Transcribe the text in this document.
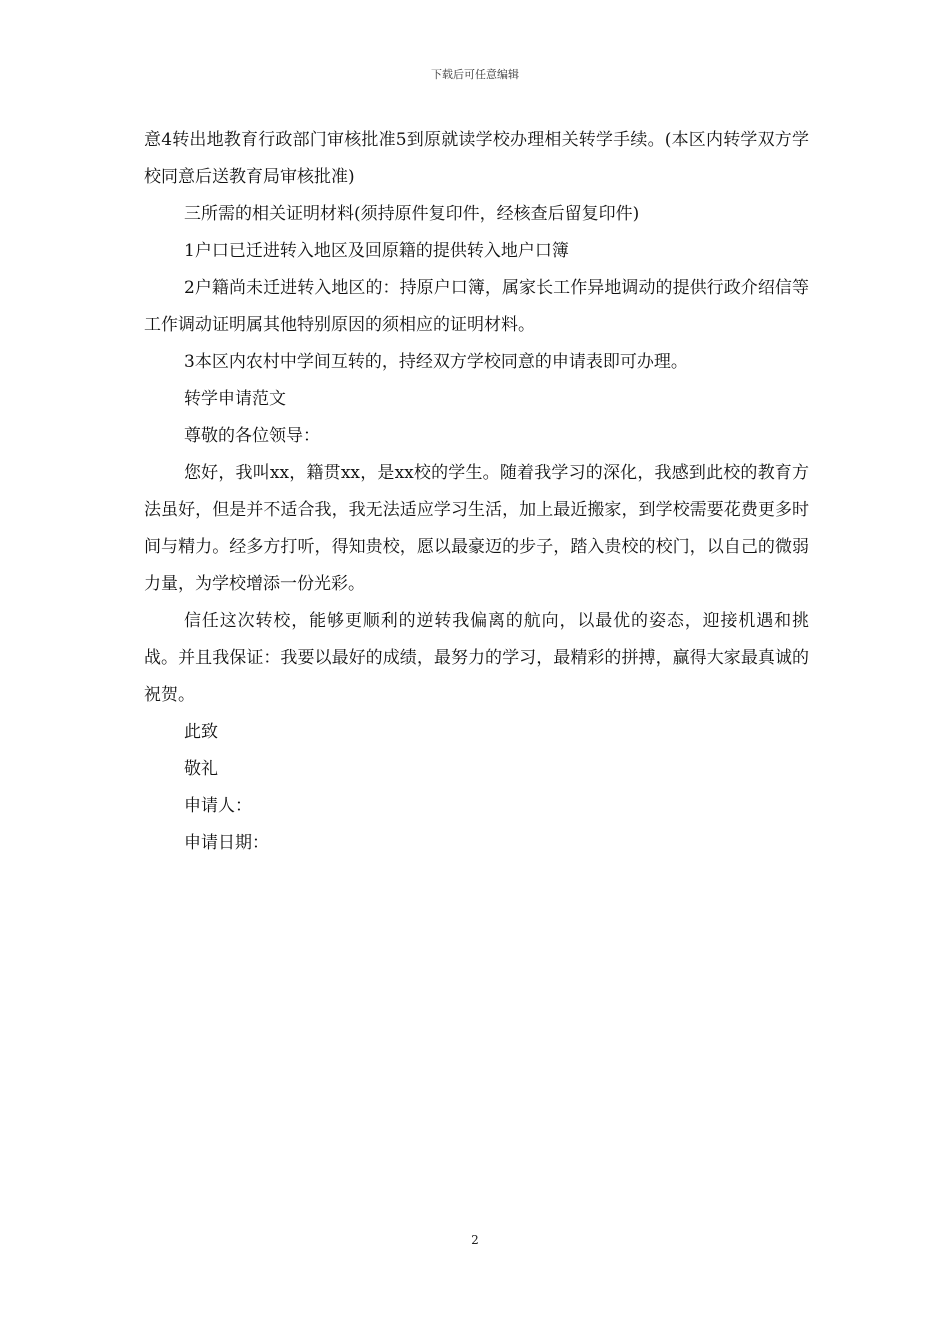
下载后可任意编辑

意4转出地教育行政部门审核批准5到原就读学校办理相关转学手续。(本区内转学双方学校同意后送教育局审核批准)

三所需的相关证明材料(须持原件复印件，经核查后留复印件)

1户口已迁进转入地区及回原籍的提供转入地户口簿

2户籍尚未迁进转入地区的：持原户口簿，属家长工作异地调动的提供行政介绍信等工作调动证明属其他特别原因的须相应的证明材料。

3本区内农村中学间互转的，持经双方学校同意的申请表即可办理。

转学申请范文

尊敬的各位领导：

您好，我叫xx，籍贯xx，是xx校的学生。随着我学习的深化，我感到此校的教育方法虽好，但是并不适合我，我无法适应学习生活，加上最近搬家，到学校需要花费更多时间与精力。经多方打听，得知贵校，愿以最豪迈的步子，踏入贵校的校门，以自己的微弱力量，为学校增添一份光彩。

信任这次转校，能够更顺利的逆转我偏离的航向，以最优的姿态，迎接机遇和挑战。并且我保证：我要以最好的成绩，最努力的学习，最精彩的拼搏，赢得大家最真诚的祝贺。

此致

敬礼

申请人：

申请日期：

2
